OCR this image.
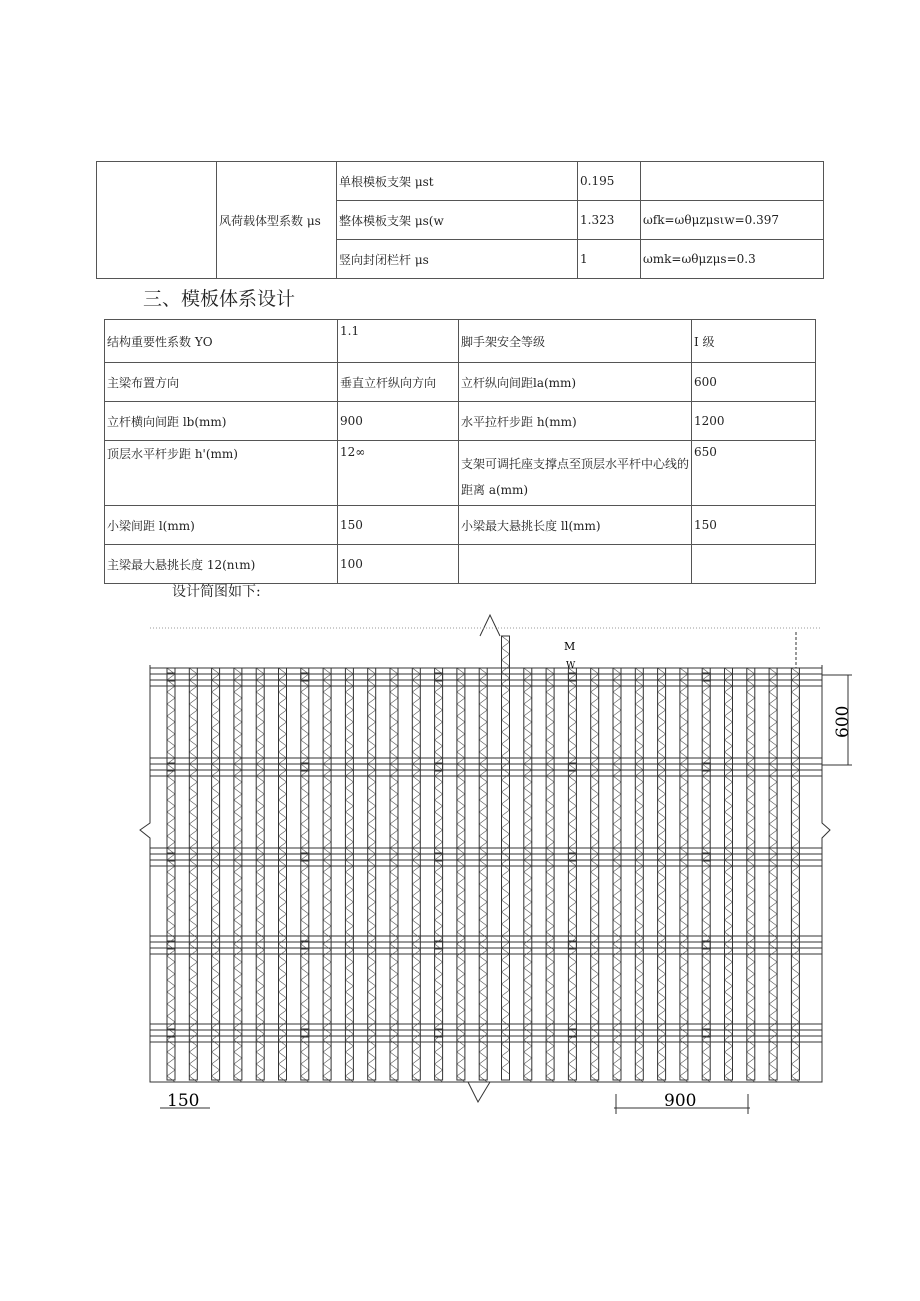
	风荷载体型系数 μs	单根模板支架 μst	0.195	
		整体模板支架 μs(w	1.323	ωfk=ωθμzμsιw=0.397
		竖向封闭栏杆 μs	1	ωmk=ωθμzμs=0.3
三、模板体系设计
结构重要性系数 YO	1.1	脚手架安全等级	I 级
主梁布置方向	垂直立杆纵向方向	立杆纵向间距la(mm)	600
立杆横向间距 lb(mm)	900	水平拉杆步距 h(mm)	1200
顶层水平杆步距 h'(mm)	12∞	支架可调托座支撑点至顶层水平杆中心线的距离 a(mm)	650
小梁间距 l(mm)	150	小梁最大悬挑长度 ll(mm)	150
主梁最大悬挑长度 12(nιm)	100		
设计简图如下:
M
W
150	900
600
